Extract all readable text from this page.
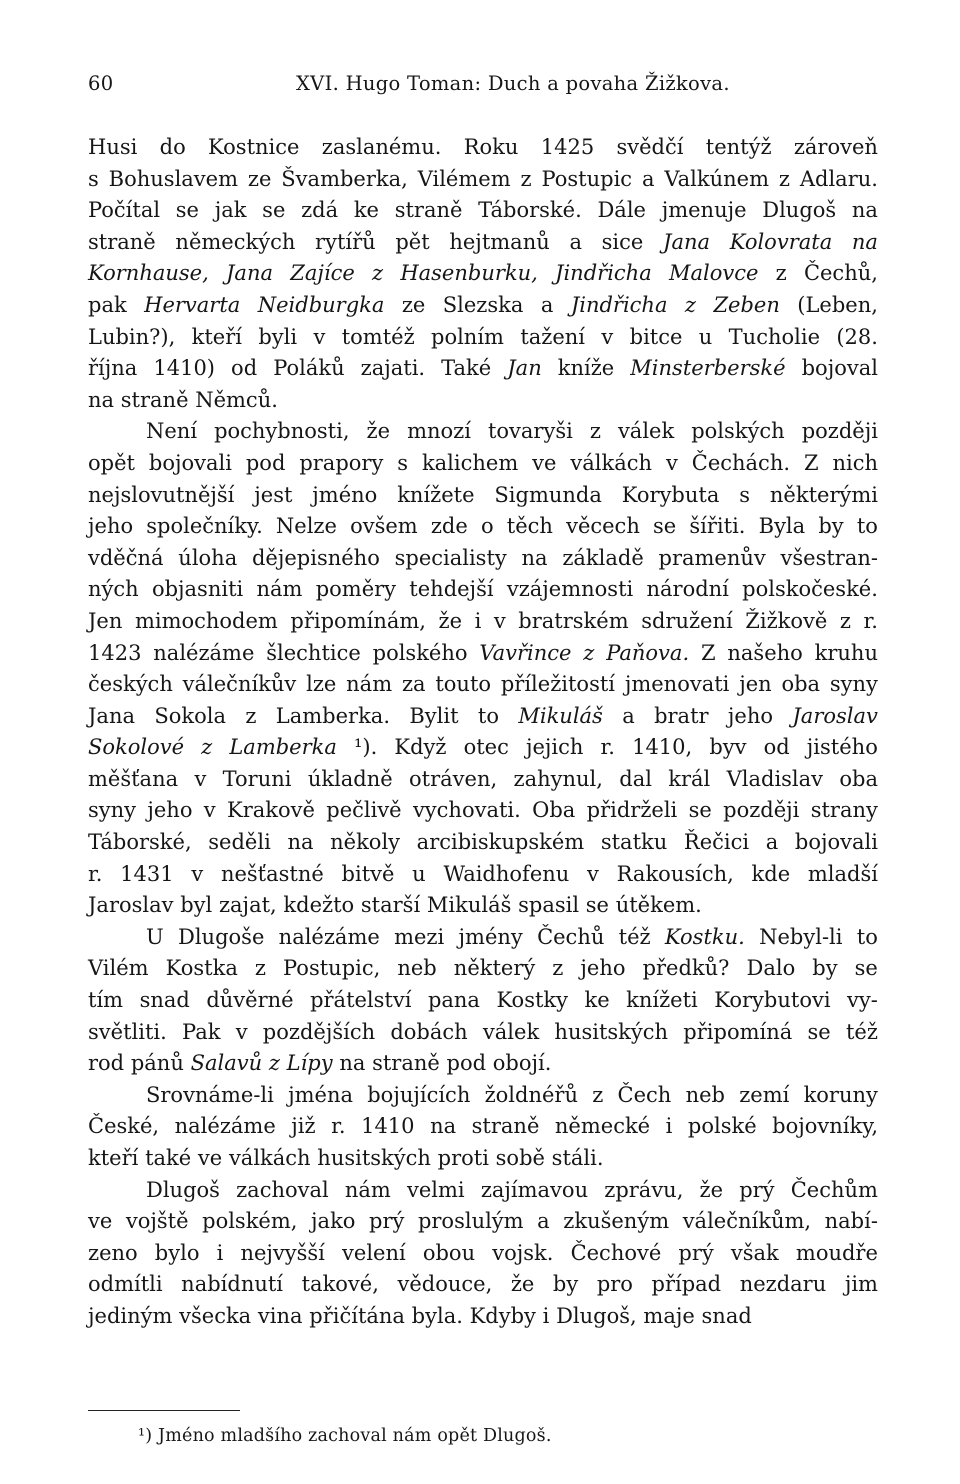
60	XVI. Hugo Toman: Duch a povaha Žižkova.
Husi do Kostnice zaslanému. Roku 1425 svědčí tentýž zároveň
s Bohuslavem ze Švamberka, Vilémem z Postupic a Valkúnem z Adlaru.
Počítal se jak se zdá ke straně Táborské. Dále jmenuje Dlugoš na
straně německých rytířů pět hejtmanů a sice Jana Kolovrata na
Kornhause, Jana Zajíce z Hasenburku, Jindřicha Malovce z Čechů,
pak Hervarta Neidburgka ze Slezska a Jindřicha z Zeben (Leben,
Lubin?), kteří byli v tomtéž polním tažení v bitce u Tucholie (28.
října 1410) od Poláků zajati. Také Jan kníže Minsterberské bojoval
na straně Němců.
Není pochybnosti, že mnozí tovaryši z válek polských později
opět bojovali pod prapory s kalichem ve válkách v Čechách. Z nich
nejslovutnější jest jméno knížete Sigmunda Korybuta s některými
jeho společníky. Nelze ovšem zde o těch věcech se šířiti. Byla by to
vděčná úloha dějepisného specialisty na základě pramenův všestran-
ných objasniti nám poměry tehdejší vzájemnosti národní polskočeské.
Jen mimochodem připomínám, že i v bratrském sdružení Žižkově z r.
1423 nalézáme šlechtice polského Vavřince z Paňova. Z našeho kruhu
českých válečníkův lze nám za touto příležitostí jmenovati jen oba syny
Jana Sokola z Lamberka. Bylit to Mikuláš a bratr jeho Jaroslav
Sokolové z Lamberka ¹). Když otec jejich r. 1410, byv od jistého
měšťana v Toruni úkladně otráven, zahynul, dal král Vladislav oba
syny jeho v Krakově pečlivě vychovati. Oba přidrželi se později strany
Táborské, seděli na několy arcibiskupském statku Řečici a bojovali
r. 1431 v nešťastné bitvě u Waidhofenu v Rakousích, kde mladší
Jaroslav byl zajat, kdežto starší Mikuláš spasil se útěkem.
U Dlugoše nalézáme mezi jmény Čechů též Kostku. Nebyl-li to
Vilém Kostka z Postupic, neb některý z jeho předků? Dalo by se
tím snad důvěrné přátelství pana Kostky ke knížeti Korybutovi vy-
světliti. Pak v pozdějších dobách válek husitských připomíná se též
rod pánů Salavů z Lípy na straně pod obojí.
Srovnáme-li jména bojujících žoldnéřů z Čech neb zemí koruny
České, nalézáme již r. 1410 na straně německé i polské bojovníky,
kteří také ve válkách husitských proti sobě stáli.
Dlugoš zachoval nám velmi zajímavou zprávu, že prý Čechům
ve vojště polském, jako prý proslulým a zkušeným válečníkům, nabí-
zeno bylo i nejvyšší velení obou vojsk. Čechové prý však moudře
odmítli nabídnutí takové, vědouce, že by pro případ nezdaru jim
jediným všecka vina přičítána byla. Kdyby i Dlugoš, maje snad
¹) Jméno mladšího zachoval nám opět Dlugoš.
